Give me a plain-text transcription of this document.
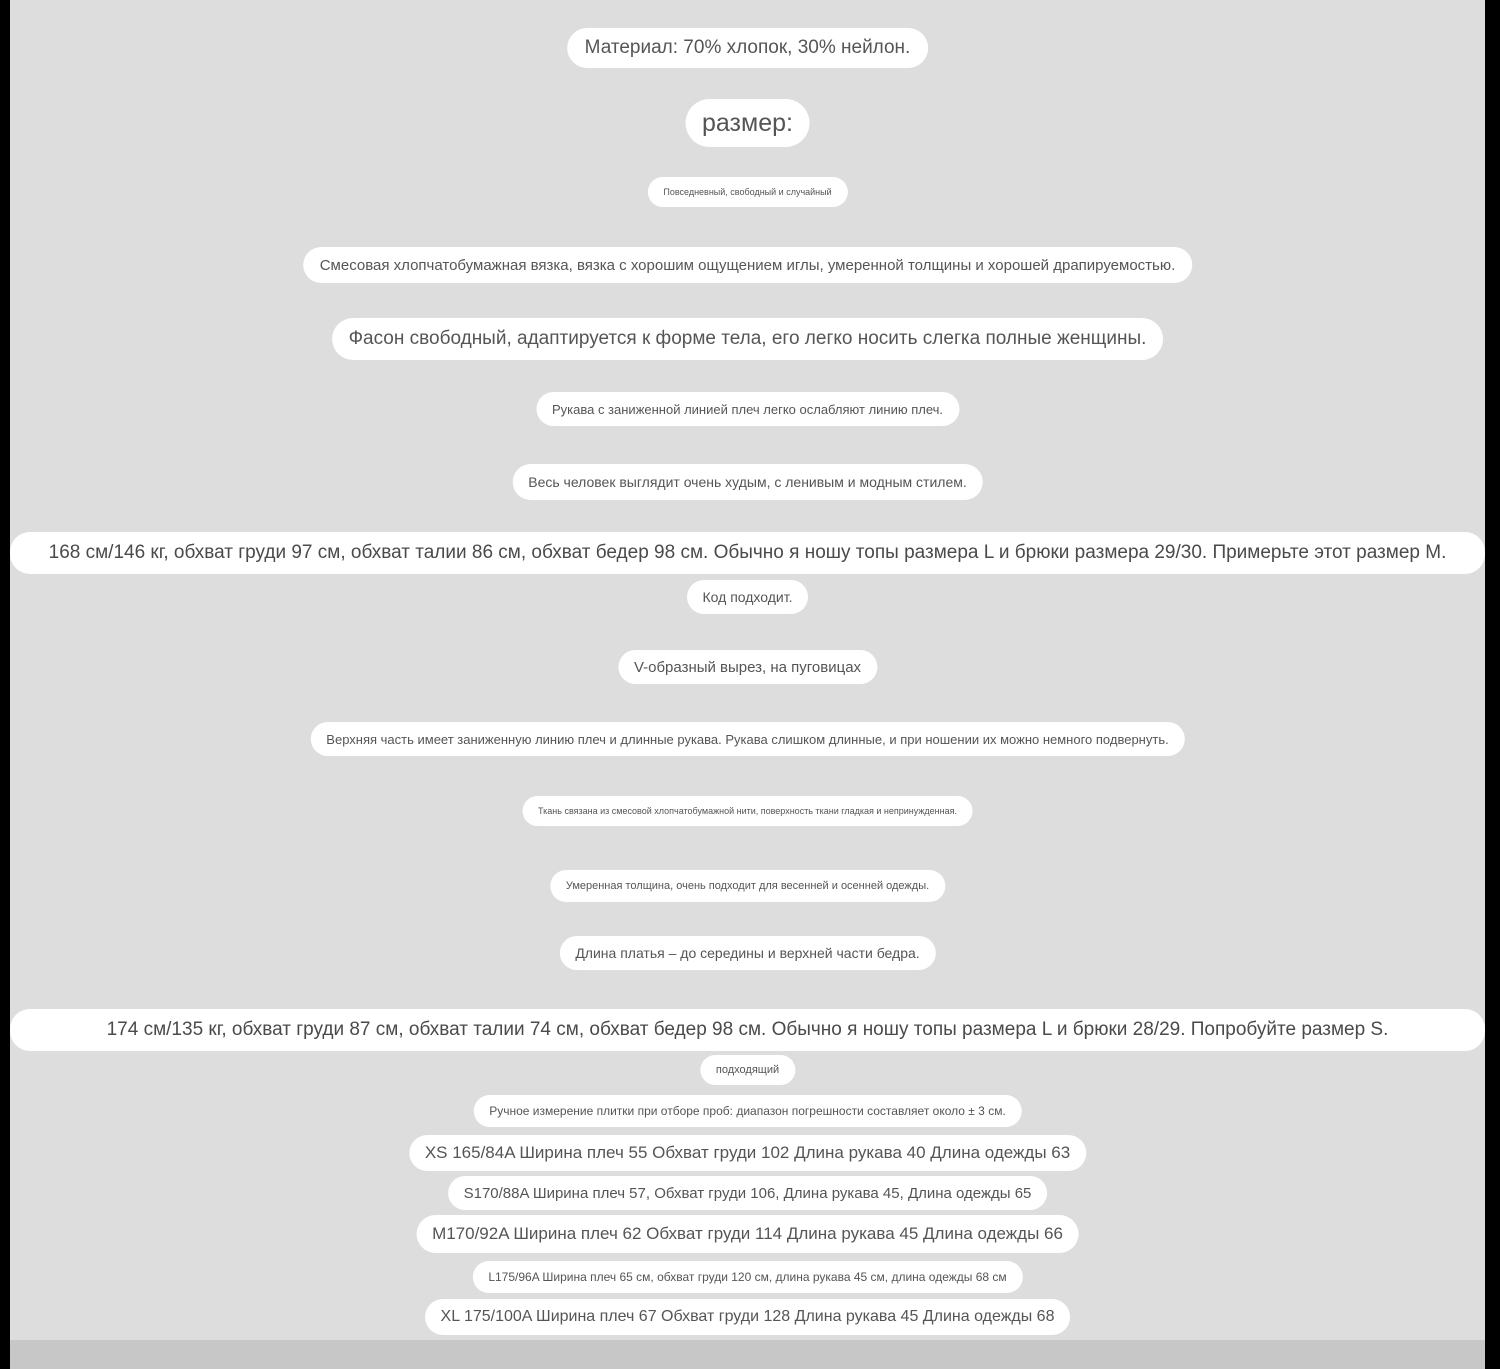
Материал: 70% хлопок, 30% нейлон.
размер:
Повседневный, свободный и случайный
Смесовая хлопчатобумажная вязка, вязка с хорошим ощущением иглы, умеренной толщины и хорошей драпируемостью.
Фасон свободный, адаптируется к форме тела, его легко носить слегка полные женщины.
Рукава с заниженной линией плеч легко ослабляют линию плеч.
Весь человек выглядит очень худым, с ленивым и модным стилем.
168 см/146 кг, обхват груди 97 см, обхват талии 86 см, обхват бедер 98 см. Обычно я ношу топы размера L и брюки размера 29/30. Примерьте этот размер М.
Код подходит.
V-образный вырез, на пуговицах
Верхняя часть имеет заниженную линию плеч и длинные рукава. Рукава слишком длинные, и при ношении их можно немного подвернуть.
Ткань связана из смесовой хлопчатобумажной нити, поверхность ткани гладкая и непринужденная.
Умеренная толщина, очень подходит для весенней и осенней одежды.
Длина платья – до середины и верхней части бедра.
174 см/135 кг, обхват груди 87 см, обхват талии 74 см, обхват бедер 98 см. Обычно я ношу топы размера L и брюки 28/29. Попробуйте размер S.
подходящий
Ручное измерение плитки при отборе проб: диапазон погрешности составляет около ± 3 см.
XS 165/84A Ширина плеч 55 Обхват груди 102 Длина рукава 40 Длина одежды 63
S170/88A Ширина плеч 57, Обхват груди 106, Длина рукава 45, Длина одежды 65
M170/92A Ширина плеч 62 Обхват груди 114 Длина рукава 45 Длина одежды 66
L175/96A Ширина плеч 65 см, обхват груди 120 см, длина рукава 45 см, длина одежды 68 см
XL 175/100A Ширина плеч 67 Обхват груди 128 Длина рукава 45 Длина одежды 68
